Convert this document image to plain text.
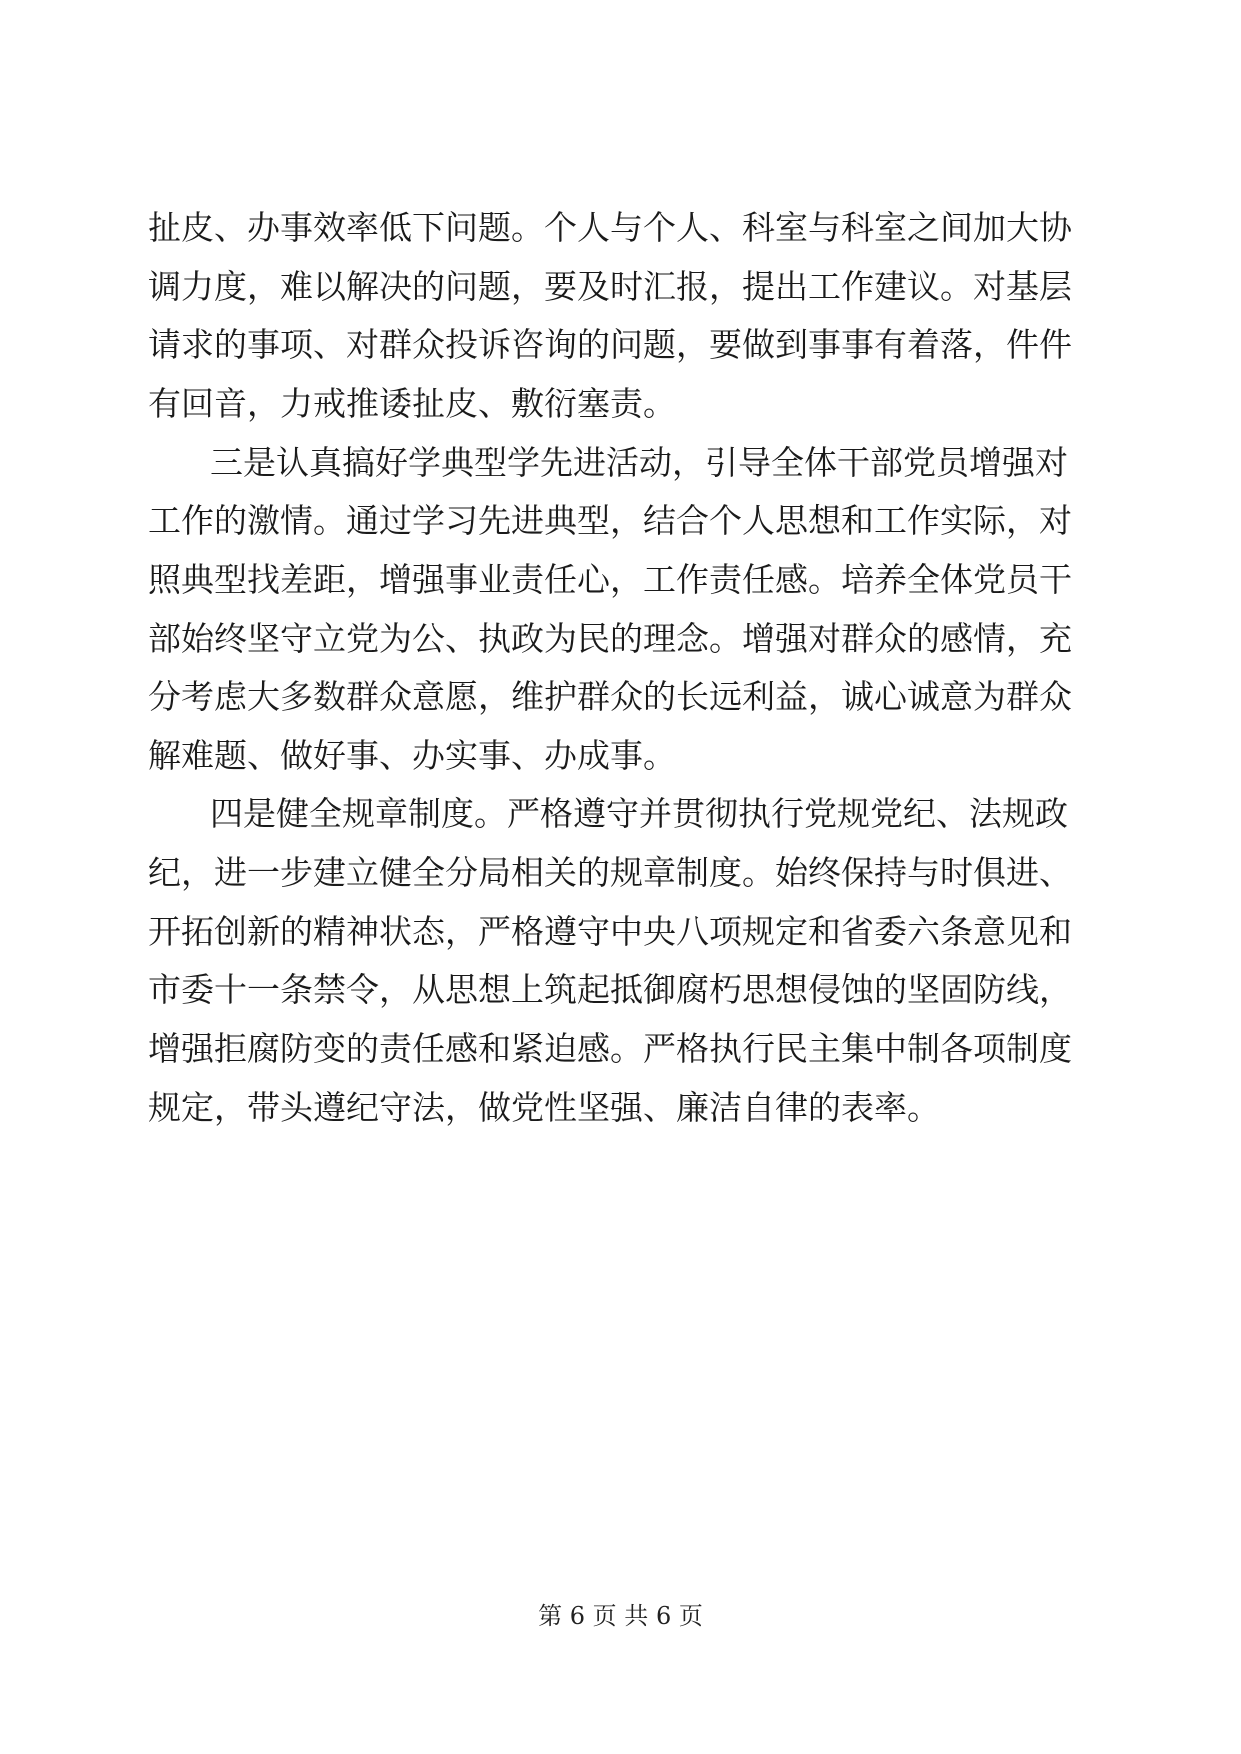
扯皮、办事效率低下问题。个人与个人、科室与科室之间加大协
调力度，难以解决的问题，要及时汇报，提出工作建议。对基层
请求的事项、对群众投诉咨询的问题，要做到事事有着落，件件
有回音，力戒推诿扯皮、敷衍塞责。
三是认真搞好学典型学先进活动，引导全体干部党员增强对
工作的激情。通过学习先进典型，结合个人思想和工作实际，对
照典型找差距，增强事业责任心，工作责任感。培养全体党员干
部始终坚守立党为公、执政为民的理念。增强对群众的感情，充
分考虑大多数群众意愿，维护群众的长远利益，诚心诚意为群众
解难题、做好事、办实事、办成事。
四是健全规章制度。严格遵守并贯彻执行党规党纪、法规政
纪，进一步建立健全分局相关的规章制度。始终保持与时俱进、
开拓创新的精神状态，严格遵守中央八项规定和省委六条意见和
市委十一条禁令，从思想上筑起抵御腐朽思想侵蚀的坚固防线，
增强拒腐防变的责任感和紧迫感。严格执行民主集中制各项制度
规定，带头遵纪守法，做党性坚强、廉洁自律的表率。
第 6 页 共 6 页
